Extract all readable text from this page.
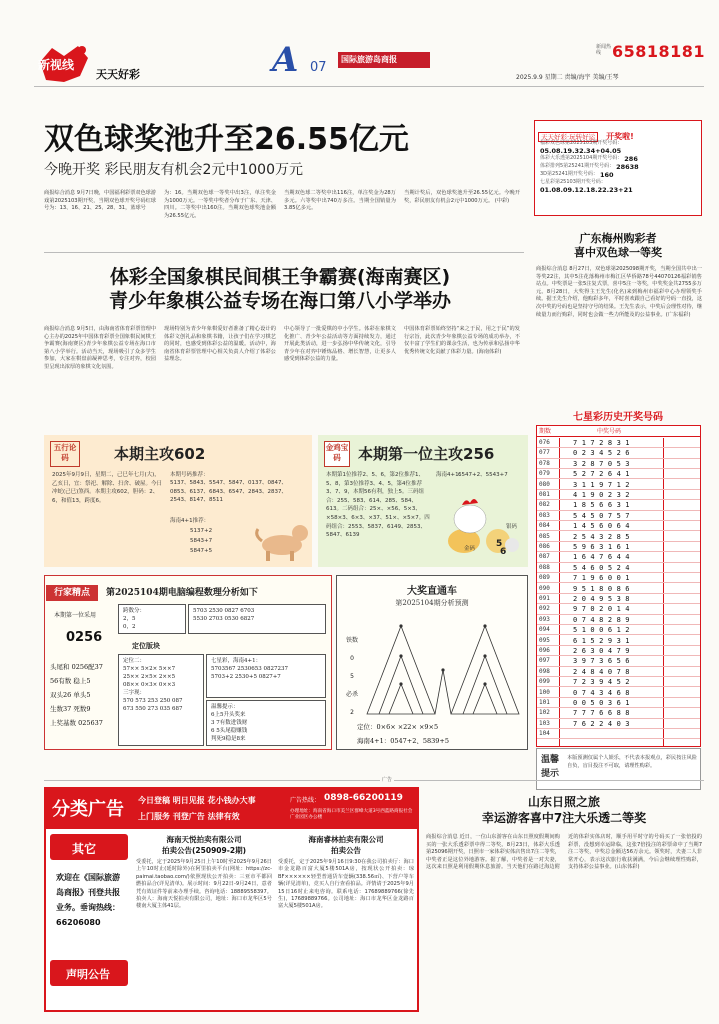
新视线
天天好彩	A 07
国际旅游岛商报
新闻热线 65818181
2025.9.9 星期二 责编/海宇 美编/王琴
双色球奖池升至26.55亿元
今晚开奖 彩民朋友有机会2元中1000万元

商报综合消息 9月7日晚，中国福利彩票双色球游戏第2025103期开奖，当期双色球开奖号码红球号为：13、16、21、25、28、31，蓝球号

为：16。当期双色球一等奖中出3注，单注奖金为1000万元。一等奖中奖者分布于广东、天津、四川。二等奖中出160注。当期双色球奖池金额为26.55亿元。

当期双色球二等奖中出116注，单注奖金为28万多元。六等奖中出740万多注。当期全国销量为3.85亿多元。

当期计奖后，双色球奖池升至26.55亿元。今晚开奖，彩民朋友有机会2元中1000万元。 (中彩)

体彩全国象棋民间棋王争霸赛(海南赛区)
青少年象棋公益专场在海口第八小学举办

商报综合消息 9月5日，由海南省体育彩票管理中心主办的2025年中国体育彩票全国象棋民间棋王争霸赛(海南赛区)青少年象棋公益专场在海口市第八小学举行。活动当天，现场吸引了众多学生参加，大家在棋盘前凝神思考，专注对弈，校园里呈现出浓厚的象棋文化氛围。

现场特别为青少年象棋爱好者准备了精心设计的体彩文创礼品和象棋书籍，让孩子们在学习棋艺的同时，也感受到体彩公益的温暖。活动中，海南省体育彩票管理中心相关负责人介绍了体彩公益理念。

中心领导了一批爱棋的中小学生。体彩在象棋文化推广、青少年公益活动等方面持续发力，通过开展此类活动，进一步弘扬中华传统文化，引导青少年在对弈中锤炼品格、增长智慧，让更多人感受到体彩公益的力量。

中国体育彩票始终坚持“来之于民，用之于民”的发行宗旨，此次青少年象棋公益专场的成功举办，不仅丰富了学生们的课余生活，也为传承和弘扬中华优秀传统文化贡献了体彩力量。(海南体彩)

天天好彩·玩转好运 开奖啦!
福彩双色球第2025103期开奖号码：
05.08.19.32.34+04.05
体彩大乐透第2025104期开奖号码： 286
体彩排列5第25241期开奖号码： 28638
3D第25241期开奖号码： 160
七星彩第25103期开奖号码：
01.08.09.12.18.22.23+21
广东梅州购彩者
喜中双色球一等奖

商报综合消息 8月27日，双色球第2025098期开奖，当期全国共中出一等奖22注，其中5注花落梅州市梅江区华侨路78号44070126福彩销售站点。中奖票是一张5注复式票，喜中5注一等奖，中奖奖金共2755多万元。8月28日，大奖得主王先生(化名)来到梅州市福彩中心办理领奖手续。据王先生介绍，他购彩多年，平时喜欢跟自己看好的号码一直投，这次中奖的号码也是坚持守号的结果。王先生表示，中奖后会理性对待，继续量力而行购彩，同时也会做一些力所能及的公益事业。(广东福彩)

七星彩历史开奖号码
期数	中奖号码
076	7172831
077	0234526
078	3287053
079	5272641
080	3119712
081	4190232
082	1856631
083	5450757
084	1456064
085	2543285
086	5963161
087	1647644
088	5460524
089	7196001
090	9518086
091	2049538
092	9702014
093	0748289
094	5100612
095	6152931
096	2630479
097	3973656
098	2484078
099	7239452
100	0743468
101	0050361
102	7776688
103	7622403
104
温馨提示

本版预测仅属个人娱乐，不代表本报观点，彩民按注风险自负，盲目投注不可取，请理性购彩。

五行论码	本期主攻602

2025年9月9日，星期二，己巳年七月(大)，乙亥日，宜：祭祀、解除、扫舍、破屋。今日冲蛇(己巳)煞西。本期主攻602，胆码：2、6，和值13，跨度6。

本期号码推荐：

5137、5843、5547、5847、0137、0847、0853、6137、6843、6547、2843、2837、2543、8147、8511

海南4+1推荐：
5137+2
5843+7
5847+5
金鸡宝码	本期第一位主攻256

本期第1位推荐2、5、6，第2位推荐1、5、8，第3位推荐3、4、5，第4位推荐3、7、9，本期56有利，独上5。三码组合：255、583、614、285、584、613。二码组合：25×、×56、5×3、×58×3、6×3、×37、51×、×5×7。四码组合：2553、5837、6149、2853、5847、6139

海南4+1：
6547+2、5543+7
银码
金码 5
6
行家精点	第2025104期电脑编程数理分析如下
本期第一位采用
0256
头尾和 0256配37
56有数 稳上5
双头26 单头5
生数37 死数9
上奖基数 025637
跨数分：
2，5
0，2
5703 2530 0827 6703
5530 2703 0530 6827
定位版块
定位二：
57×× 5×2× 5××7
25×× 2×5× 2××5
08×× 0×3× 0××3
三字现：
570 573 253 250 087
673 550 273 035 687
七星彩，海南4+1：
5703567 2530653 0827237
5703+2 2530+5 0827+7
温馨提示：
6上5升头奖来
3 7有数进钱财
6 5头尾稳赚钱
判死9稳是8来
大奖直通车
第2025104期分析预测
铁数
0
5
必杀
2
定位：0×6× ×22× ×9×5
海南4+1：0547+2、5839+5
广告
分类广告 今日登稿 明日见报 花小钱办大事
上门服务 刊登广告 法律有效
广告热线： 0898-66200119
办理地址：海南省海口市美兰区群峰大道3号西蓝路商报社会广业园区办公楼
其它

欢迎在《国际旅游岛商报》刊登共报业务。垂询热线：66206080

声明公告
海南天悦拍卖有限公司
拍卖公告(250909-2期)

受委托，定于2025年9月25日上午10时至2025年9月26日上午10时止(延时除外)在阿里拍卖平台(网址：https://zc-paimai.taobao.com/)依照现状公开拍卖：三亚市平都回燃拍品合(详见清单)。展示时间：9月22日-9月24日，意者凭有效证件等前来办理手续。咨询电话：18889558397。拍卖人：海南天悦拍卖有限公司，地址：海口市龙华区5号楼南大厦主体41层。

海南睿林拍卖有限公司
拍卖公告

受委托，定于2025年9月16日9:30在我公司拍卖厅：海口市金龙路百富大厦5楼501A房，按现状公开拍卖：琼BF××××××轻型普通货车壹辆(338.56㎡)、下营户等车辆(详见清单)，竞买人自行查看拍品。详情请于2025年9月15日16时止来电咨询。联系电话：17689889766(徐先生)，17689889766。公司地址：海口市龙华区金龙路百富大厦5楼501A房。

山东日照之旅
幸运游客喜中7注大乐透二等奖

商报综合消息 近日，一位山东游客在山东日照度假期间购买的一张大乐透彩票中得二等奖。8月23日，体彩大乐透第25096期开奖，日照市一家体彩实体店售出7注二等奖，中奖者正是这位外地游客。据了解，中奖者是一对夫妻，这次来日照是利用假期休息旅游。当天他们在路过海边附近的体彩实体店时，顺手用平时守的号码买了一张倍投的彩票，没想到幸运降临，这张7倍投注的彩票命中了当期7注二等奖，中奖总金额达56万余元。领奖时，夫妻二人非常开心，表示这次旅行收获满满，今后会继续理性购彩，支持体彩公益事业。(山东体彩)
